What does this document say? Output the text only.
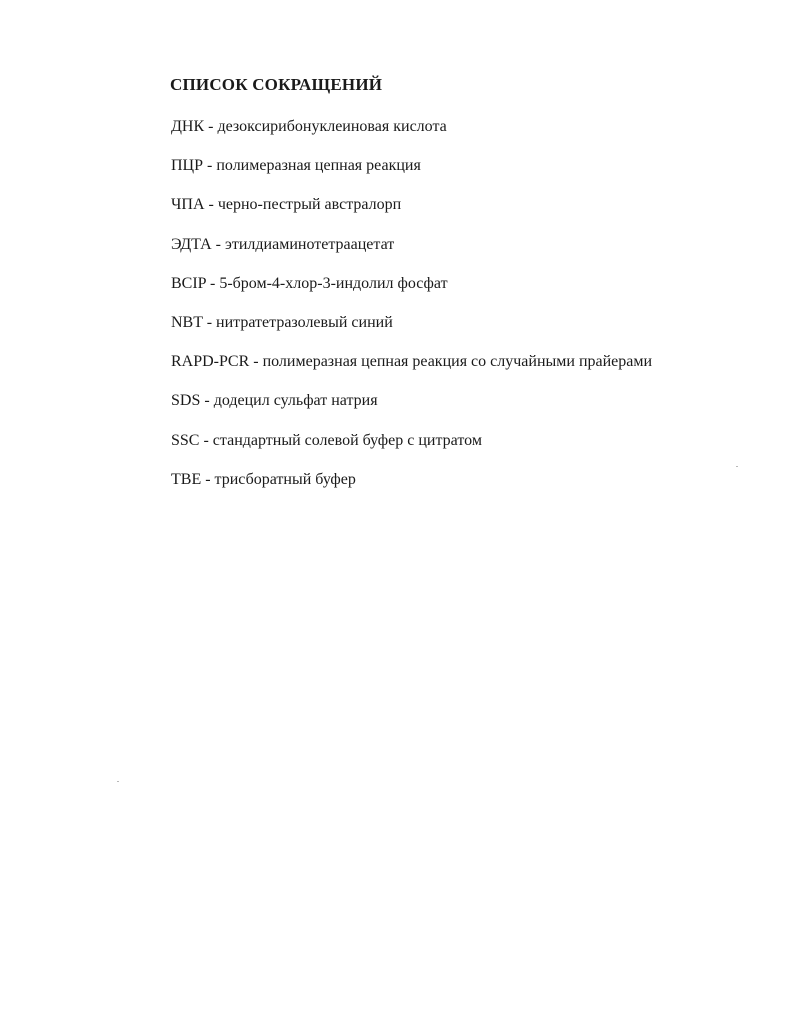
СПИСОК СОКРАЩЕНИЙ
ДНК - дезоксирибонуклеиновая кислота
ПЦР - полимеразная цепная реакция
ЧПА - черно-пестрый австралорп
ЭДТА - этилдиаминотетраацетат
BCIP - 5-бром-4-хлор-3-индолил фосфат
NBT - нитратетразолевый синий
RAPD-PCR - полимеразная цепная реакция со случайными прайерами
SDS - додецил сульфат натрия
SSC - стандартный солевой буфер с цитратом
TBE - трисборатный буфер
